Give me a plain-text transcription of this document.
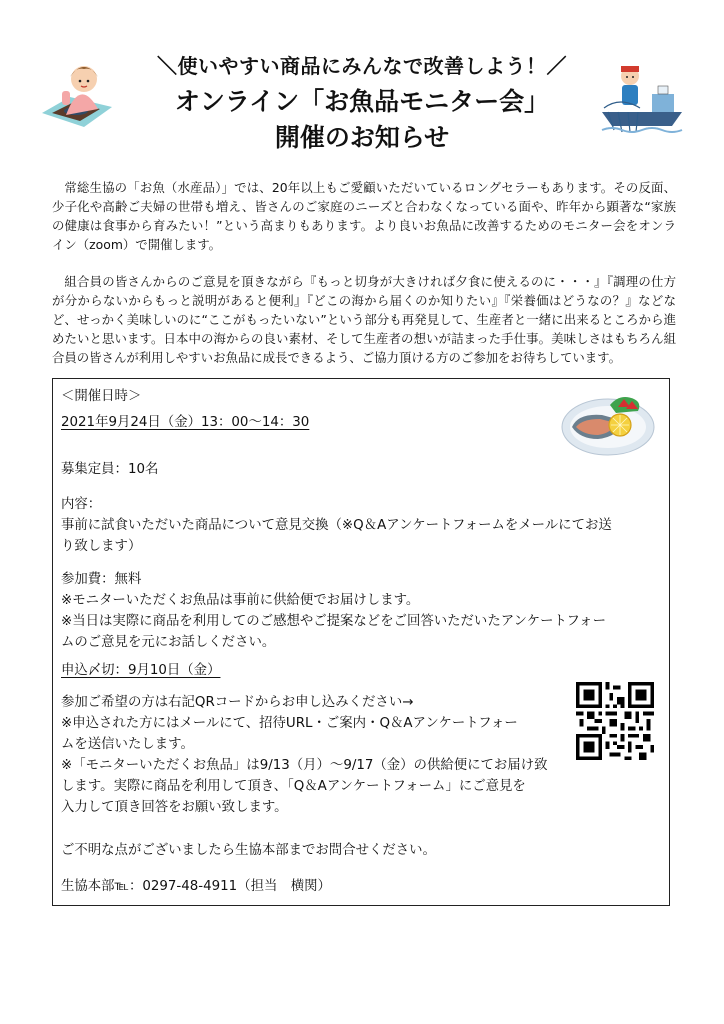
＼使いやすい商品にみんなで改善しよう！／
オンライン「お魚品モニター会」
開催のお知らせ

常総生協の「お魚（水産品）」では、20年以上もご愛顧いただいているロングセラーもあります。その反面、少子化や高齢ご夫婦の世帯も増え、皆さんのご家庭のニーズと合わなくなっている面や、昨年から顕著な“家族の健康は食事から育みたい！”という高まりもあります。より良いお魚品に改善するためのモニター会をオンライン（zoom）で開催します。

組合員の皆さんからのご意見を頂きながら『もっと切身が大きければ夕食に使えるのに・・・』『調理の仕方が分からないからもっと説明があると便利』『どこの海から届くのか知りたい』『栄養価はどうなの？』などなど、せっかく美味しいのに“ここがもったいない”という部分も再発見して、生産者と一緒に出来るところから進めたいと思います。日本中の海からの良い素材、そして生産者の想いが詰まった手仕事。美味しさはもちろん組合員の皆さんが利用しやすいお魚品に成長できるよう、ご協力頂ける方のご参加をお待ちしています。

＜開催日時＞
2021年9月24日（金）13：00～14：30
募集定員：10名
内容：
事前に試食いただいた商品について意見交換（※Q＆Aアンケートフォームをメールにてお送
り致します）
参加費：無料
※モニターいただくお魚品は事前に供給便でお届けします。
※当日は実際に商品を利用してのご感想やご提案などをご回答いただいたアンケートフォー
ムのご意見を元にお話しください。
申込〆切：9月10日（金）
参加ご希望の方は右記QRコードからお申し込みください→
※申込された方にはメールにて、招待URL・ご案内・Q＆Aアンケートフォー
ムを送信いたします。
※「モニターいただくお魚品」は9/13（月）～9/17（金）の供給便にてお届け致
します。実際に商品を利用して頂き、「Q＆Aアンケートフォーム」にご意見を
入力して頂き回答をお願い致します。
ご不明な点がございましたら生協本部までお問合せください。
生協本部℡：0297-48-4911（担当　横関）
